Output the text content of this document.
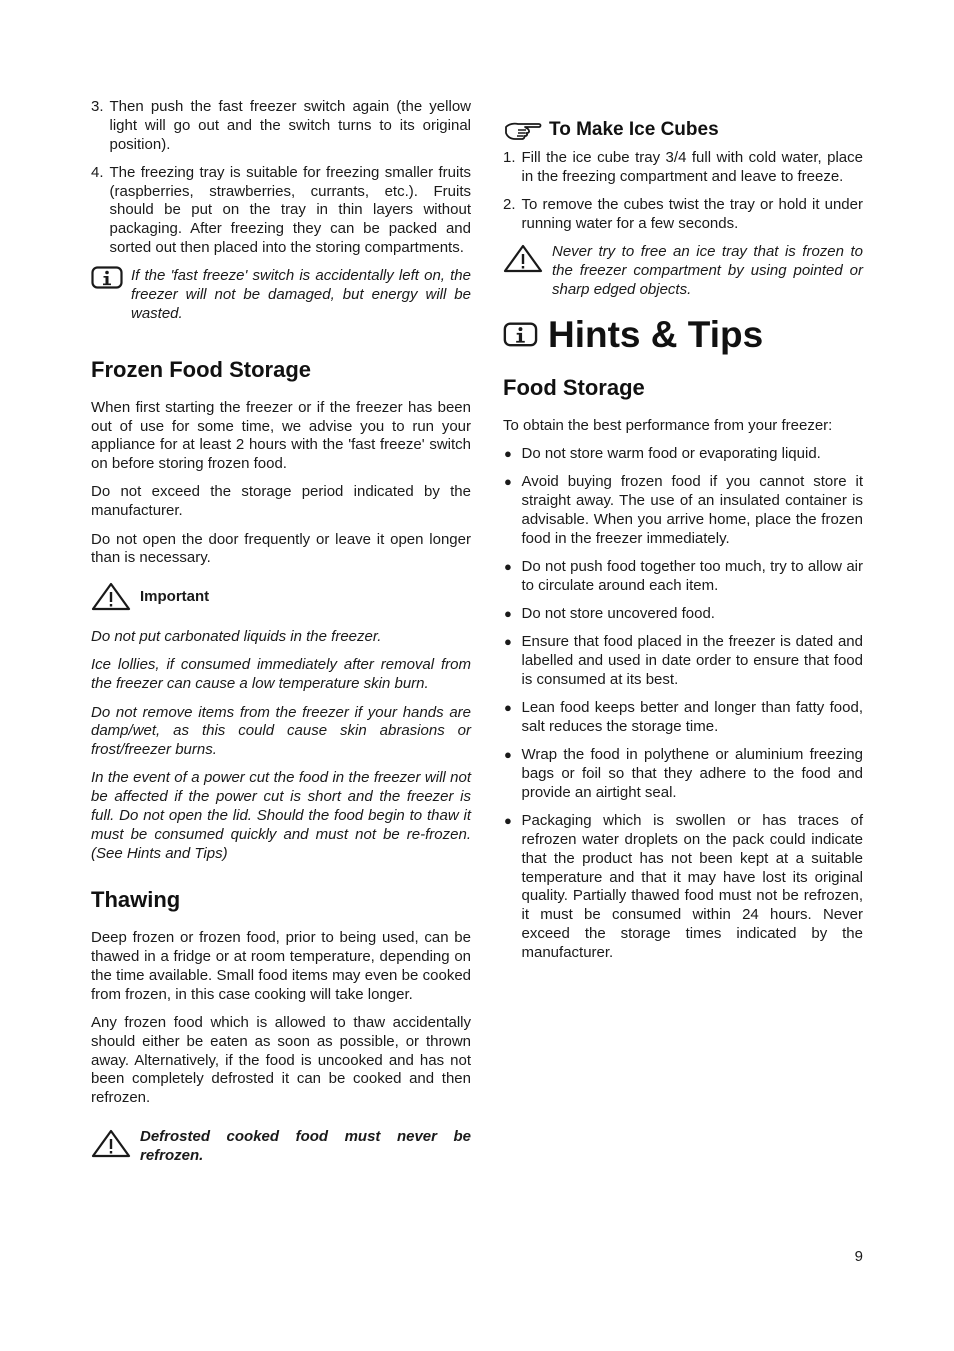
3. Then push the fast freezer switch again (the yellow light will go out and the switch turns to its original position).
4. The freezing tray is suitable for freezing smaller fruits (raspberries, strawberries, currants, etc.). Fruits should be put on the tray in thin layers without packaging. After freezing they can be packed and sorted out then placed into the storing compartments.

If the 'fast freeze' switch is accidentally left on, the freezer will not be damaged, but energy will be wasted.

Frozen Food Storage

When first starting the freezer or if the freezer has been out of use for some time, we advise you to run your appliance for at least 2 hours with the 'fast freeze' switch on before storing frozen food.

Do not exceed the storage period indicated by the manufacturer.

Do not open the door frequently or leave it open longer than is necessary.

Important

Do not put carbonated liquids in the freezer.

Ice lollies, if consumed immediately after removal from the freezer can cause a low temperature skin burn.

Do not remove items from the freezer if your hands are damp/wet, as this could cause skin abrasions or frost/freezer burns.

In the event of a power cut the food in the freezer will not be affected if the power cut is short and the freezer is full. Do not open the lid. Should the food begin to thaw it must be consumed quickly and must not be re-frozen. (See Hints and Tips)

Thawing

Deep frozen or frozen food, prior to being used, can be thawed in a fridge or at room temperature, depending on the time available. Small food items may even be cooked from frozen, in this case cooking will take longer.

Any frozen food which is allowed to thaw accidentally should either be eaten as soon as possible, or thrown away. Alternatively, if the food is uncooked and has not been completely defrosted it can be cooked and then refrozen.

Defrosted cooked food must never be refrozen.

To Make Ice Cubes
1. Fill the ice cube tray 3/4 full with cold water, place in the freezing compartment and leave to freeze.
2. To remove the cubes twist the tray or hold it under running water for a few seconds.

Never try to free an ice tray that is frozen to the freezer compartment by using pointed or sharp edged objects.

Hints & Tips
Food Storage

To obtain the best performance from your freezer:

● Do not store warm food or evaporating liquid.
● Avoid buying frozen food if you cannot store it straight away. The use of an insulated container is advisable. When you arrive home, place the frozen food in the freezer immediately.
● Do not push food together too much, try to allow air to circulate around each item.
● Do not store uncovered food.
● Ensure that food placed in the freezer is dated and labelled and used in date order to ensure that food is consumed at its best.
● Lean food keeps better and longer than fatty food, salt reduces the storage time.
● Wrap the food in polythene or aluminium freezing bags or foil so that they adhere to the food and provide an airtight seal.
● Packaging which is swollen or has traces of refrozen water droplets on the pack could indicate that the product has not been kept at a suitable temperature and that it may have lost its original quality. Partially thawed food must not be refrozen, it must be consumed within 24 hours. Never exceed the storage times indicated by the manufacturer.
9
